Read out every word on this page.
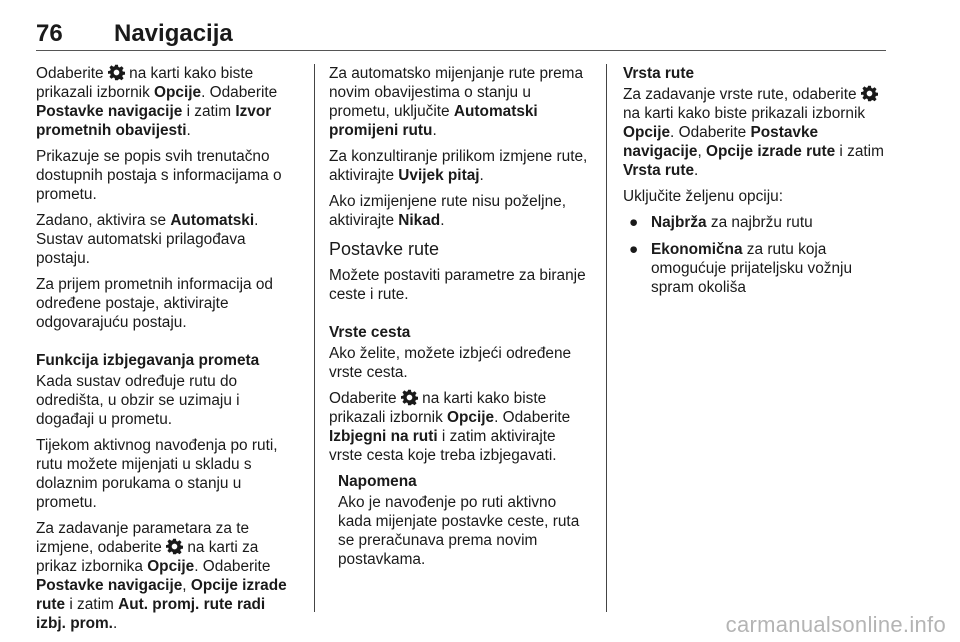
76 Navigacija

Odaberite  na karti kako biste prikazali izbornik Opcije. Odaberite Postavke navigacije i zatim Izvor prometnih obavijesti.

Prikazuje se popis svih trenutačno dostupnih postaja s informacijama o prometu.

Zadano, aktivira se Automatski. Sustav automatski prilagođava postaju.

Za prijem prometnih informacija od određene postaje, aktivirajte odgovarajuću postaju.

Funkcija izbjegavanja prometa

Kada sustav određuje rutu do odredišta, u obzir se uzimaju i događaji u prometu.

Tijekom aktivnog navođenja po ruti, rutu možete mijenjati u skladu s dolaznim porukama o stanju u prometu.

Za zadavanje parametara za te izmjene, odaberite  na karti za prikaz izbornika Opcije. Odaberite Postavke navigacije, Opcije izrade rute i zatim Aut. promj. rute radi izbj. prom..

Za automatsko mijenjanje rute prema novim obavijestima o stanju u prometu, uključite Automatski promijeni rutu.

Za konzultiranje prilikom izmjene rute, aktivirajte Uvijek pitaj.

Ako izmijenjene rute nisu poželjne, aktivirajte Nikad.

Postavke rute

Možete postaviti parametre za biranje ceste i rute.

Vrste cesta

Ako želite, možete izbjeći određene vrste cesta.

Odaberite  na karti kako biste prikazali izbornik Opcije. Odaberite Izbjegni na ruti i zatim aktivirajte vrste cesta koje treba izbjegavati.

Napomena

Ako je navođenje po ruti aktivno kada mijenjate postavke ceste, ruta se preračunava prema novim postavkama.

Vrsta rute

Za zadavanje vrste rute, odaberite  na karti kako biste prikazali izbornik Opcije. Odaberite Postavke navigacije, Opcije izrade rute i zatim Vrsta rute.

Uključite željenu opciju:

● Najbrža za najbržu rutu
● Ekonomična za rutu koja omogućuje prijateljsku vožnju spram okoliša
carmanualsonline.info
